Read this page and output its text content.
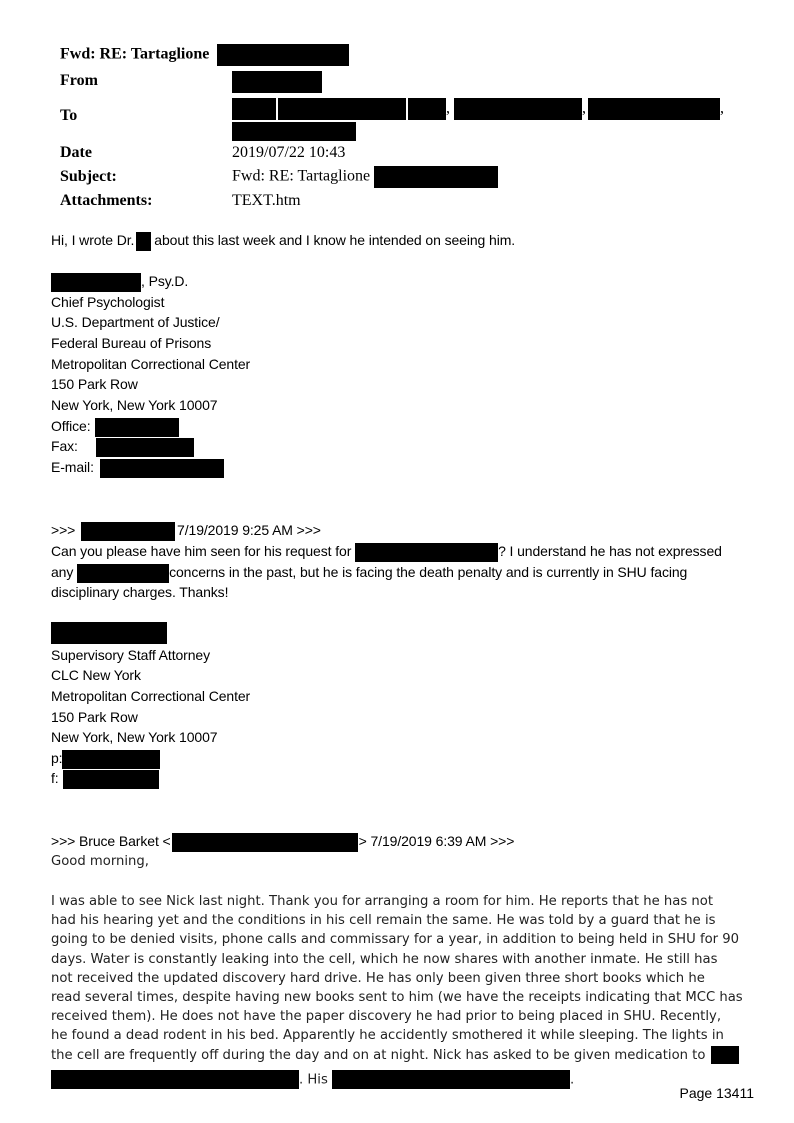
Fwd: RE: Tartaglione
From
To	,	,	,
Date	2019/07/22 10:43
Subject:	Fwd: RE: Tartaglione
Attachments:	TEXT.htm
Hi, I wrote Dr. about this last week and I know he intended on seeing him.
, Psy.D.
Chief Psychologist
U.S. Department of Justice/
Federal Bureau of Prisons
Metropolitan Correctional Center
150 Park Row
New York, New York 10007
Office:
Fax:
E-mail:
>>>	7/19/2019 9:25 AM >>>
Can you please have him seen for his request for	? I understand he has not expressed
any	concerns in the past, but he is facing the death penalty and is currently in SHU facing
disciplinary charges. Thanks!
Supervisory Staff Attorney
CLC New York
Metropolitan Correctional Center
150 Park Row
New York, New York 10007
p:
f:
>>> Bruce Barket <	> 7/19/2019 6:39 AM >>>
Good morning,
I was able to see Nick last night. Thank you for arranging a room for him. He reports that he has not
had his hearing yet and the conditions in his cell remain the same. He was told by a guard that he is
going to be denied visits, phone calls and commissary for a year, in addition to being held in SHU for 90
days. Water is constantly leaking into the cell, which he now shares with another inmate. He still has
not received the updated discovery hard drive. He has only been given three short books which he
read several times, despite having new books sent to him (we have the receipts indicating that MCC has
received them). He does not have the paper discovery he had prior to being placed in SHU. Recently,
he found a dead rodent in his bed. Apparently he accidently smothered it while sleeping. The lights in
the cell are frequently off during the day and on at night. Nick has asked to be given medication to
. His	.
Page 13411
